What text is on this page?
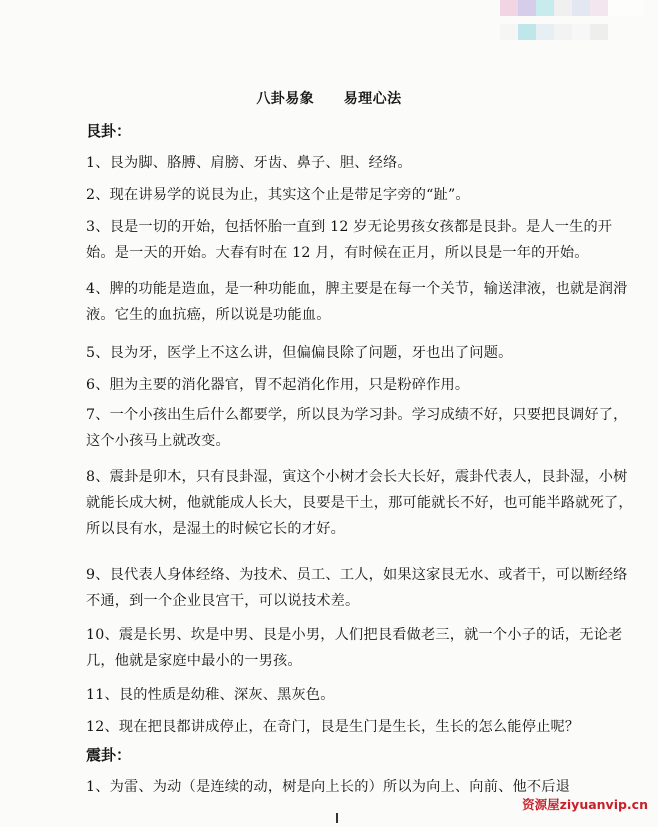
八卦易象 易理心法
艮卦：
1、艮为脚、胳膊、肩膀、牙齿、鼻子、胆、经络。
2、现在讲易学的说艮为止，其实这个止是带足字旁的“趾”。
3、艮是一切的开始，包括怀胎一直到 12 岁无论男孩女孩都是艮卦。是人一生的开始。是一天的开始。大春有时在 12 月，有时候在正月，所以艮是一年的开始。
4、脾的功能是造血，是一种功能血，脾主要是在每一个关节，输送津液，也就是润滑液。它生的血抗癌，所以说是功能血。
5、艮为牙，医学上不这么讲，但偏偏艮除了问题，牙也出了问题。
6、胆为主要的消化器官，胃不起消化作用，只是粉碎作用。
7、一个小孩出生后什么都要学，所以艮为学习卦。学习成绩不好，只要把艮调好了，这个小孩马上就改变。
8、震卦是卯木，只有艮卦湿，寅这个小树才会长大长好，震卦代表人，艮卦湿，小树就能长成大树，他就能成人长大，艮要是干土，那可能就长不好，也可能半路就死了，所以艮有水，是湿土的时候它长的才好。
9、艮代表人身体经络、为技术、员工、工人，如果这家艮无水、或者干，可以断经络不通，到一个企业艮宫干，可以说技术差。
10、震是长男、坎是中男、艮是小男，人们把艮看做老三，就一个小子的话，无论老几，他就是家庭中最小的一男孩。
11、艮的性质是幼稚、深灰、黑灰色。
12、现在把艮都讲成停止，在奇门，艮是生门是生长，生长的怎么能停止呢？
震卦：
1、为雷、为动（是连续的动，树是向上长的）所以为向上、向前、他不后退
资源屋ziyuanvip.cn
